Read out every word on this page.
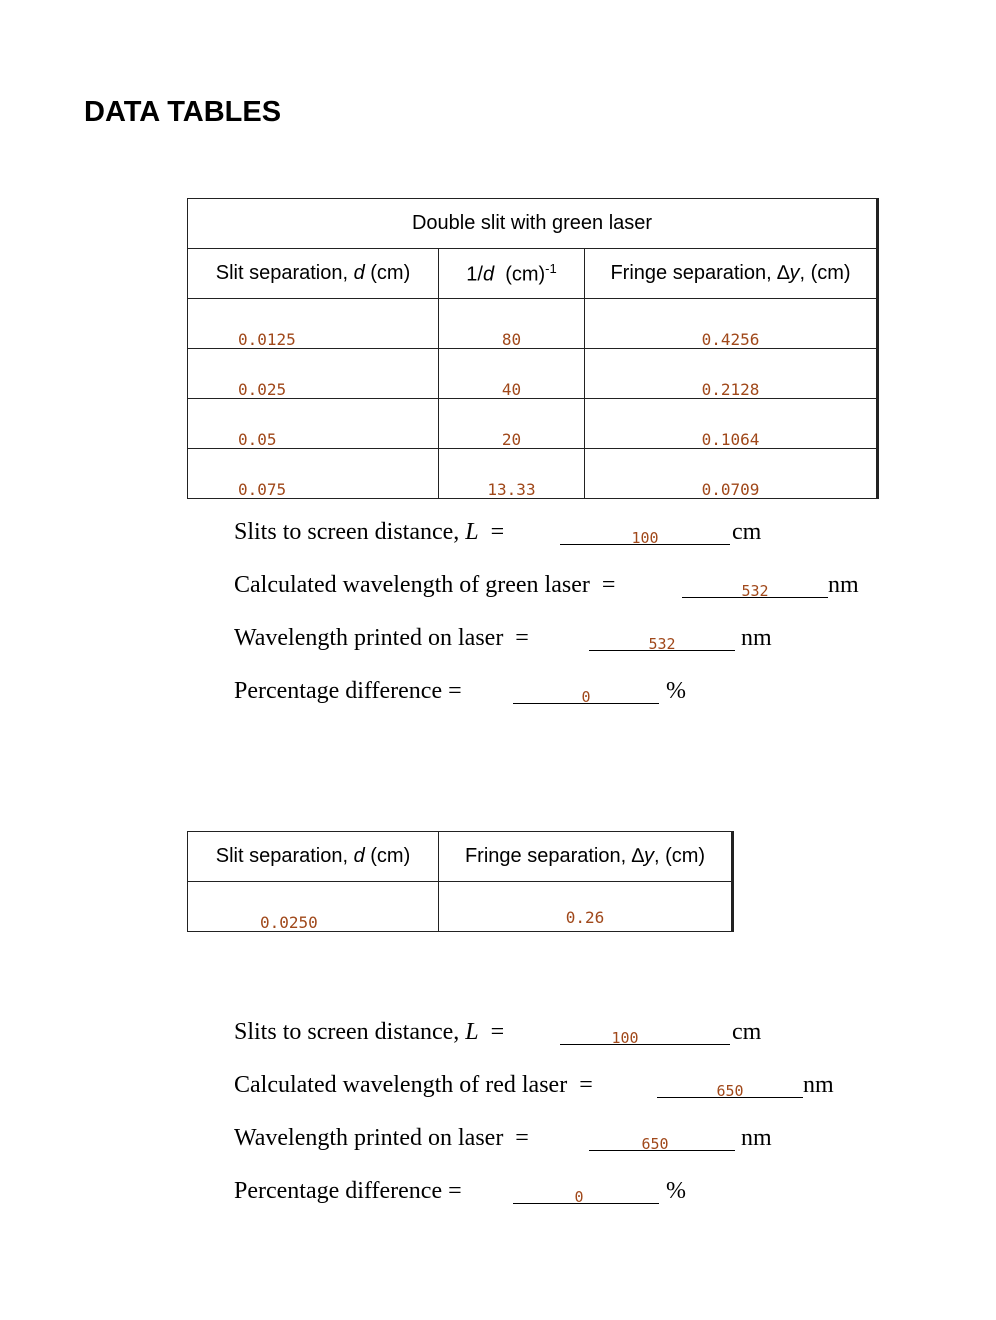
DATA TABLES
Double slit with green laser		
Slit separation, d (cm)	1/d  (cm)$^{-1}$	Fringe separation, ∆y, (cm)

0.0125	80	0.4256

0.025	40	0.2128

0.05	20	0.1064

0.075	13.33	0.0709
Slits to screen distance, L  =	100	cm
Calculated wavelength of green laser  =	532	nm
Wavelength printed on laser  =	532	nm
Percentage difference =	0	%
Slit separation, d (cm)	Fringe separation, ∆y, (cm)

0.0250	0.26
Slits to screen distance, L  =	100	cm
Calculated wavelength of red laser  =	650	nm
Wavelength printed on laser  =	650	nm
Percentage difference =	0	%
